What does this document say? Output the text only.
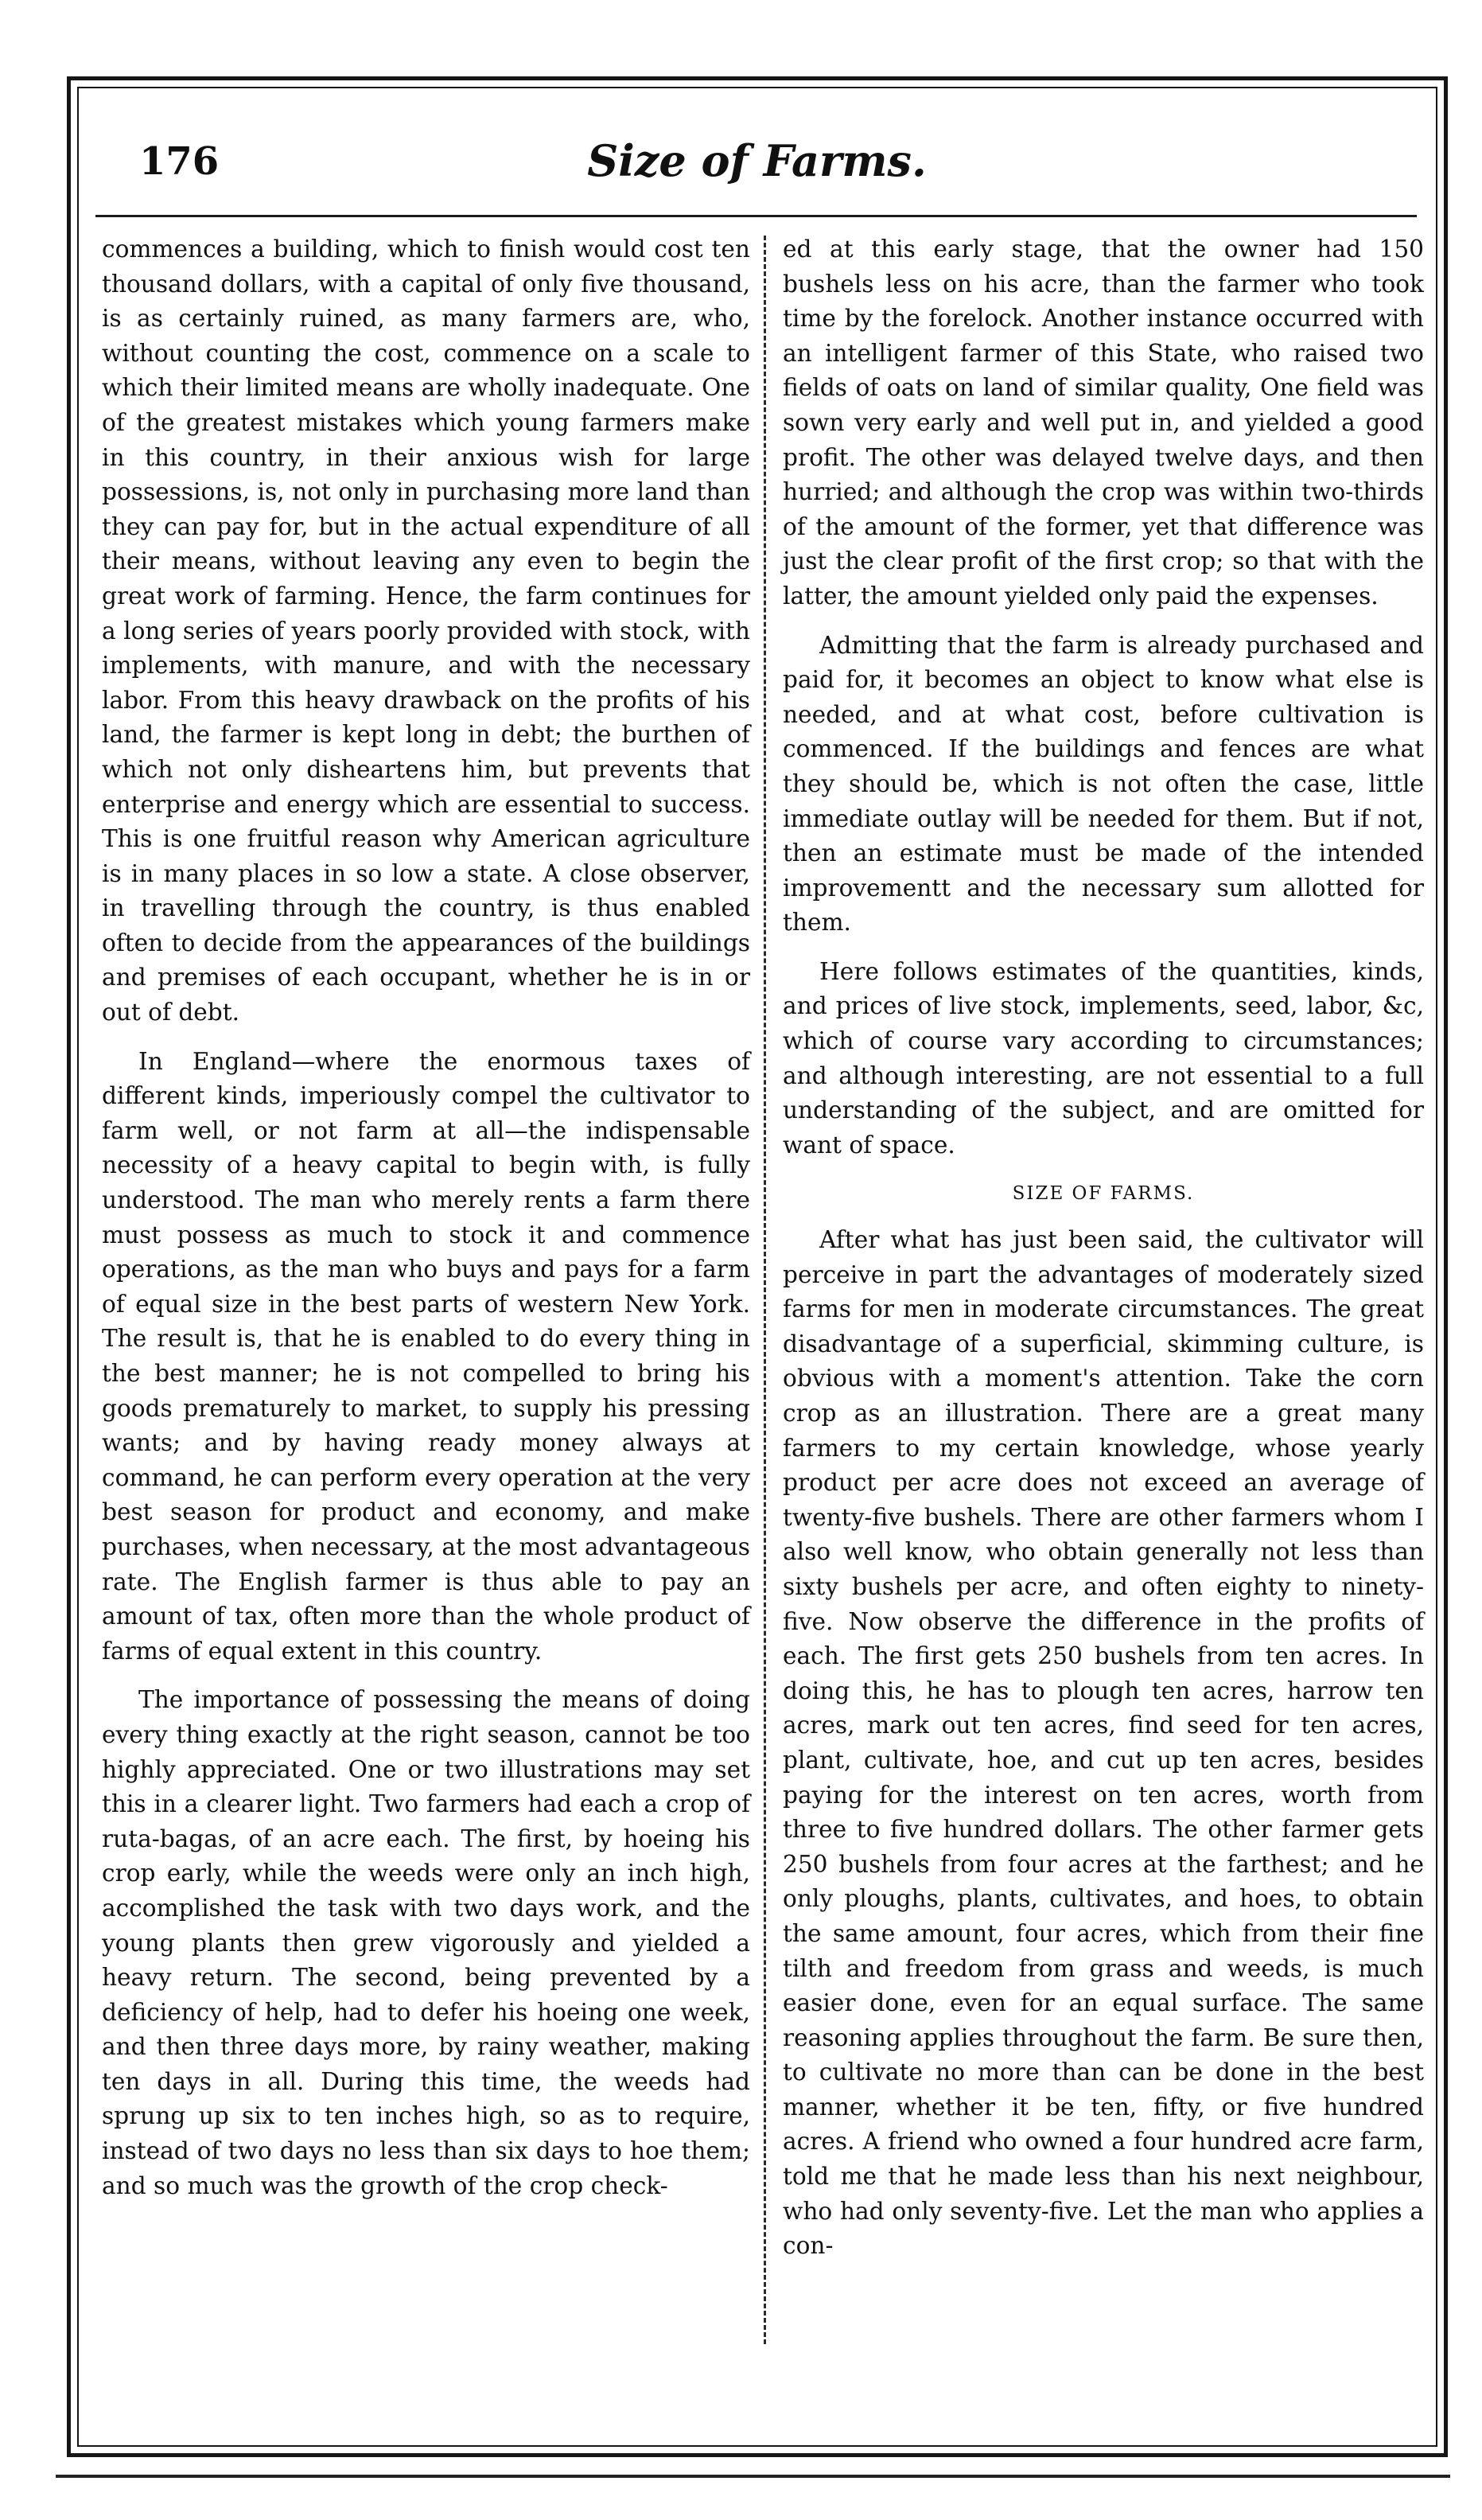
176	Size of Farms.

commences a building, which to finish would cost ten thousand dollars, with a capital of only five thousand, is as certainly ruined, as many farmers are, who, without counting the cost, commence on a scale to which their limited means are wholly inadequate. One of the greatest mistakes which young farmers make in this country, in their anxious wish for large possessions, is, not only in purchasing more land than they can pay for, but in the actual expenditure of all their means, without leaving any even to begin the great work of farming. Hence, the farm continues for a long series of years poorly provided with stock, with implements, with manure, and with the necessary labor. From this heavy drawback on the profits of his land, the farmer is kept long in debt; the burthen of which not only disheartens him, but prevents that enterprise and energy which are essential to success. This is one fruitful reason why American agriculture is in many places in so low a state. A close observer, in travelling through the country, is thus enabled often to decide from the appearances of the buildings and premises of each occupant, whether he is in or out of debt.

In England—where the enormous taxes of different kinds, imperiously compel the cultivator to farm well, or not farm at all—the indispensable necessity of a heavy capital to begin with, is fully understood. The man who merely rents a farm there must possess as much to stock it and commence operations, as the man who buys and pays for a farm of equal size in the best parts of western New York. The result is, that he is enabled to do every thing in the best manner; he is not compelled to bring his goods prematurely to market, to supply his pressing wants; and by having ready money always at command, he can perform every operation at the very best season for product and economy, and make purchases, when necessary, at the most advantageous rate. The English farmer is thus able to pay an amount of tax, often more than the whole product of farms of equal extent in this country.

The importance of possessing the means of doing every thing exactly at the right season, cannot be too highly appreciated. One or two illustrations may set this in a clearer light. Two farmers had each a crop of ruta-bagas, of an acre each. The first, by hoeing his crop early, while the weeds were only an inch high, accomplished the task with two days work, and the young plants then grew vigorously and yielded a heavy return. The second, being prevented by a deficiency of help, had to defer his hoeing one week, and then three days more, by rainy weather, making ten days in all. During this time, the weeds had sprung up six to ten inches high, so as to require, instead of two days no less than six days to hoe them; and so much was the growth of the crop check-

ed at this early stage, that the owner had 150 bushels less on his acre, than the farmer who took time by the forelock. Another instance occurred with an intelligent farmer of this State, who raised two fields of oats on land of similar quality, One field was sown very early and well put in, and yielded a good profit. The other was delayed twelve days, and then hurried; and although the crop was within two-thirds of the amount of the former, yet that difference was just the clear profit of the first crop; so that with the latter, the amount yielded only paid the expenses.

Admitting that the farm is already purchased and paid for, it becomes an object to know what else is needed, and at what cost, before cultivation is commenced. If the buildings and fences are what they should be, which is not often the case, little immediate outlay will be needed for them. But if not, then an estimate must be made of the intended improvementt and the necessary sum allotted for them.

Here follows estimates of the quantities, kinds, and prices of live stock, implements, seed, labor, &c, which of course vary according to circumstances; and although interesting, are not essential to a full understanding of the subject, and are omitted for want of space.

SIZE OF FARMS.

After what has just been said, the cultivator will perceive in part the advantages of moderately sized farms for men in moderate circumstances. The great disadvantage of a superficial, skimming culture, is obvious with a moment's attention. Take the corn crop as an illustration. There are a great many farmers to my certain knowledge, whose yearly product per acre does not exceed an average of twenty-five bushels. There are other farmers whom I also well know, who obtain generally not less than sixty bushels per acre, and often eighty to ninety-five. Now observe the difference in the profits of each. The first gets 250 bushels from ten acres. In doing this, he has to plough ten acres, harrow ten acres, mark out ten acres, find seed for ten acres, plant, cultivate, hoe, and cut up ten acres, besides paying for the interest on ten acres, worth from three to five hundred dollars. The other farmer gets 250 bushels from four acres at the farthest; and he only ploughs, plants, cultivates, and hoes, to obtain the same amount, four acres, which from their fine tilth and freedom from grass and weeds, is much easier done, even for an equal surface. The same reasoning applies throughout the farm. Be sure then, to cultivate no more than can be done in the best manner, whether it be ten, fifty, or five hundred acres. A friend who owned a four hundred acre farm, told me that he made less than his next neighbour, who had only seventy-five. Let the man who applies a con-
